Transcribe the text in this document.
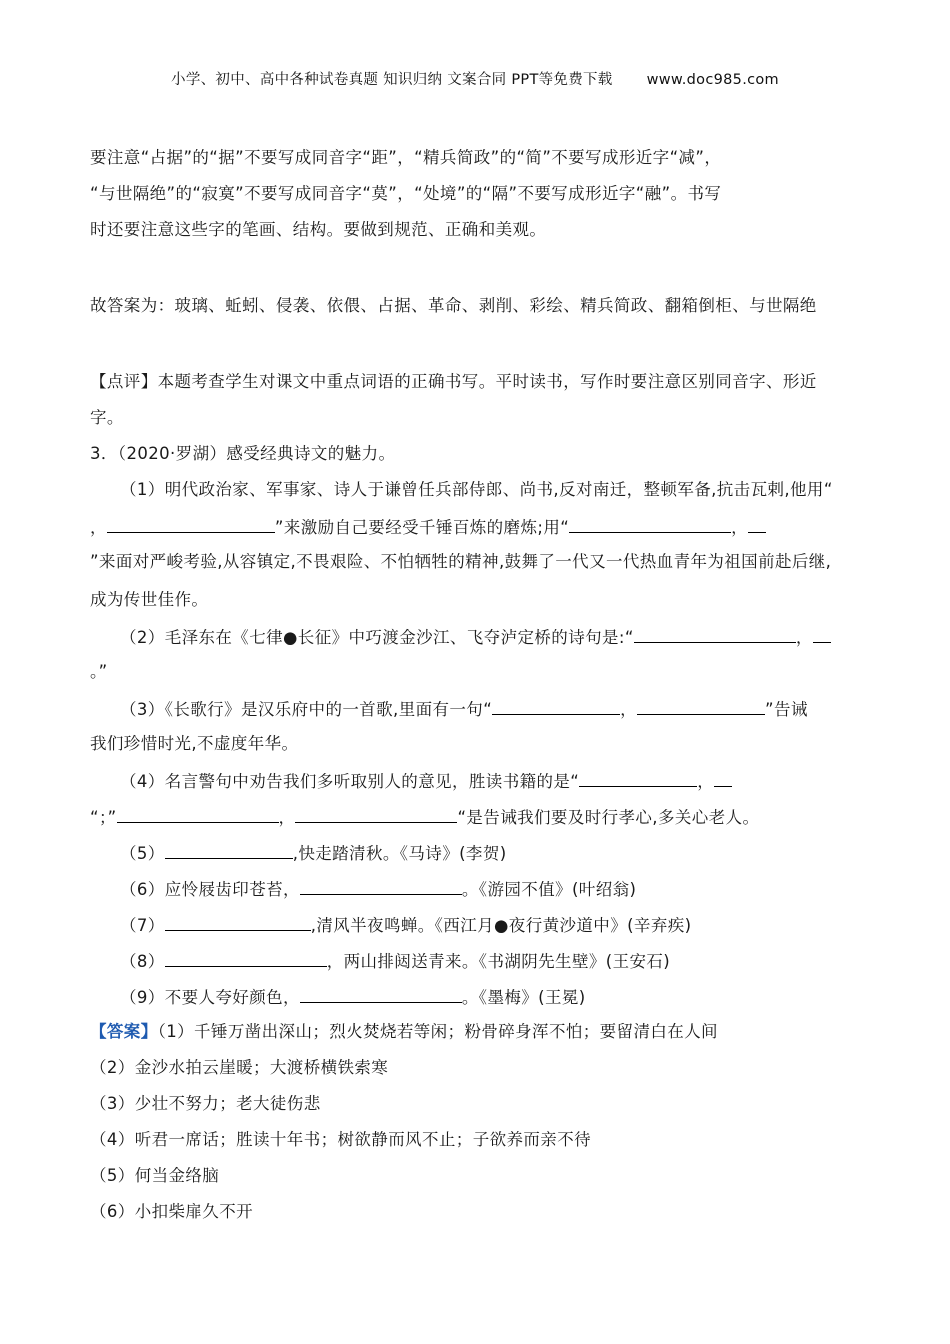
小学、初中、高中各种试卷真题 知识归纳 文案合同 PPT等免费下载 www.doc985.com
要注意“占据”的“据”不要写成同音字“距”，“精兵简政”的“简”不要写成形近字“减”，
“与世隔绝”的“寂寞”不要写成同音字“莫”，“处境”的“隔”不要写成形近字“融”。书写
时还要注意这些字的笔画、结构。要做到规范、正确和美观。
故答案为：玻璃、蚯蚓、侵袭、依偎、占据、革命、剥削、彩绘、精兵简政、翻箱倒柜、与世隔绝
【点评】本题考查学生对课文中重点词语的正确书写。平时读书，写作时要注意区别同音字、形近
字。
3．（2020·罗湖）感受经典诗文的魅力。
（1）明代政治家、军事家、诗人于谦曾任兵部侍郎、尚书,反对南迁，整顿军备,抗击瓦剌,他用“
，	”来激励自己要经受千锤百炼的磨炼;用“	，
”来面对严峻考验,从容镇定,不畏艰险、不怕牺牲的精神,鼓舞了一代又一代热血青年为祖国前赴后继,
成为传世佳作。
（2）毛泽东在《七律●长征》中巧渡金沙江、飞夺泸定桥的诗句是:“	，
。”
（3）《长歌行》是汉乐府中的一首歌,里面有一句“	，	”告诫
我们珍惜时光,不虚度年华。
（4）名言警句中劝告我们多听取别人的意见，胜读书籍的是“	，
“；”	，	“是告诫我们要及时行孝心,多关心老人。
（5）	,快走踏清秋。《马诗》(李贺)
（6）应怜屐齿印苍苔，	。《游园不值》(叶绍翁)
（7）	,清风半夜鸣蝉。《西江月●夜行黄沙道中》(辛弃疾)
（8）	，两山排闼送青来。《书湖阴先生壁》(王安石)
（9）不要人夸好颜色，	。《墨梅》(王冕)
【答案】（1）千锤万凿出深山；烈火焚烧若等闲；粉骨碎身浑不怕；要留清白在人间
（2）金沙水拍云崖暖；大渡桥横铁索寒
（3）少壮不努力；老大徒伤悲
（4）听君一席话；胜读十年书；树欲静而风不止；子欲养而亲不待
（5）何当金络脑
（6）小扣柴扉久不开
